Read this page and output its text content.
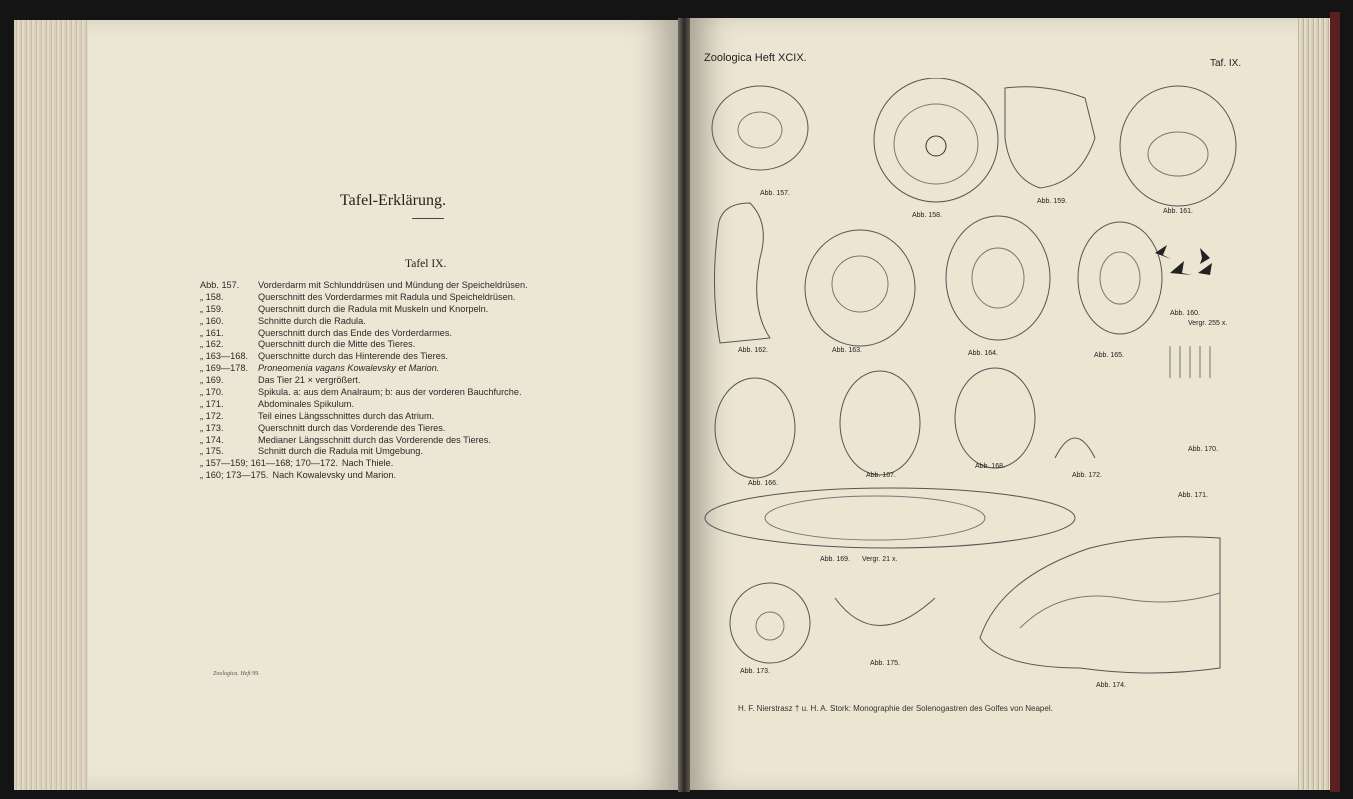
Tafel-Erklärung.
Tafel IX.
Abb. 157.	Vorderdarm mit Schlunddrüsen und Mündung der Speicheldrüsen.
„ 158.	Querschnitt des Vorderdarmes mit Radula und Speicheldrüsen.
„ 159.	Querschnitt durch die Radula mit Muskeln und Knorpeln.
„ 160.	Schnitte durch die Radula.
„ 161.	Querschnitt durch das Ende des Vorderdarmes.
„ 162.	Querschnitt durch die Mitte des Tieres.
„ 163—168.	Querschnitte durch das Hinterende des Tieres.
„ 169—178.	Proneomenia vagans Kowalevsky et Marion.
„ 169.	Das Tier 21 × vergrößert.
„ 170.	Spikula. a: aus dem Analraum; b: aus der vorderen Bauchfurche.
„ 171.	Abdominales Spikulum.
„ 172.	Teil eines Längsschnittes durch das Atrium.
„ 173.	Querschnitt durch das Vorderende des Tieres.
„ 174.	Medianer Längsschnitt durch das Vorderende des Tieres.
„ 175.	Schnitt durch die Radula mit Umgebung.
„ 157—159; 161—168; 170—172. Nach Thiele.
„ 160; 173—175. Nach Kowalevsky und Marion.
Zoologica. Heft 99.
Zoologica Heft XCIX.	Taf. IX.
Abb. 157.
Abb. 158.
Abb. 159.
Abb. 161.
Abb. 162.	Abb. 163.	Abb. 164.	Abb. 165.
Abb. 160.
Vergr. 255 x.
Abb. 166.
Abb. 167.
Abb. 168.
Abb. 172.
Abb. 170.
Abb. 171.
Abb. 169. Vergr. 21 x.
Abb. 173.
Abb. 175.
Abb. 174.
H. F. Nierstrasz † u. H. A. Stork: Monographie der Solenogastren des Golfes von Neapel.
